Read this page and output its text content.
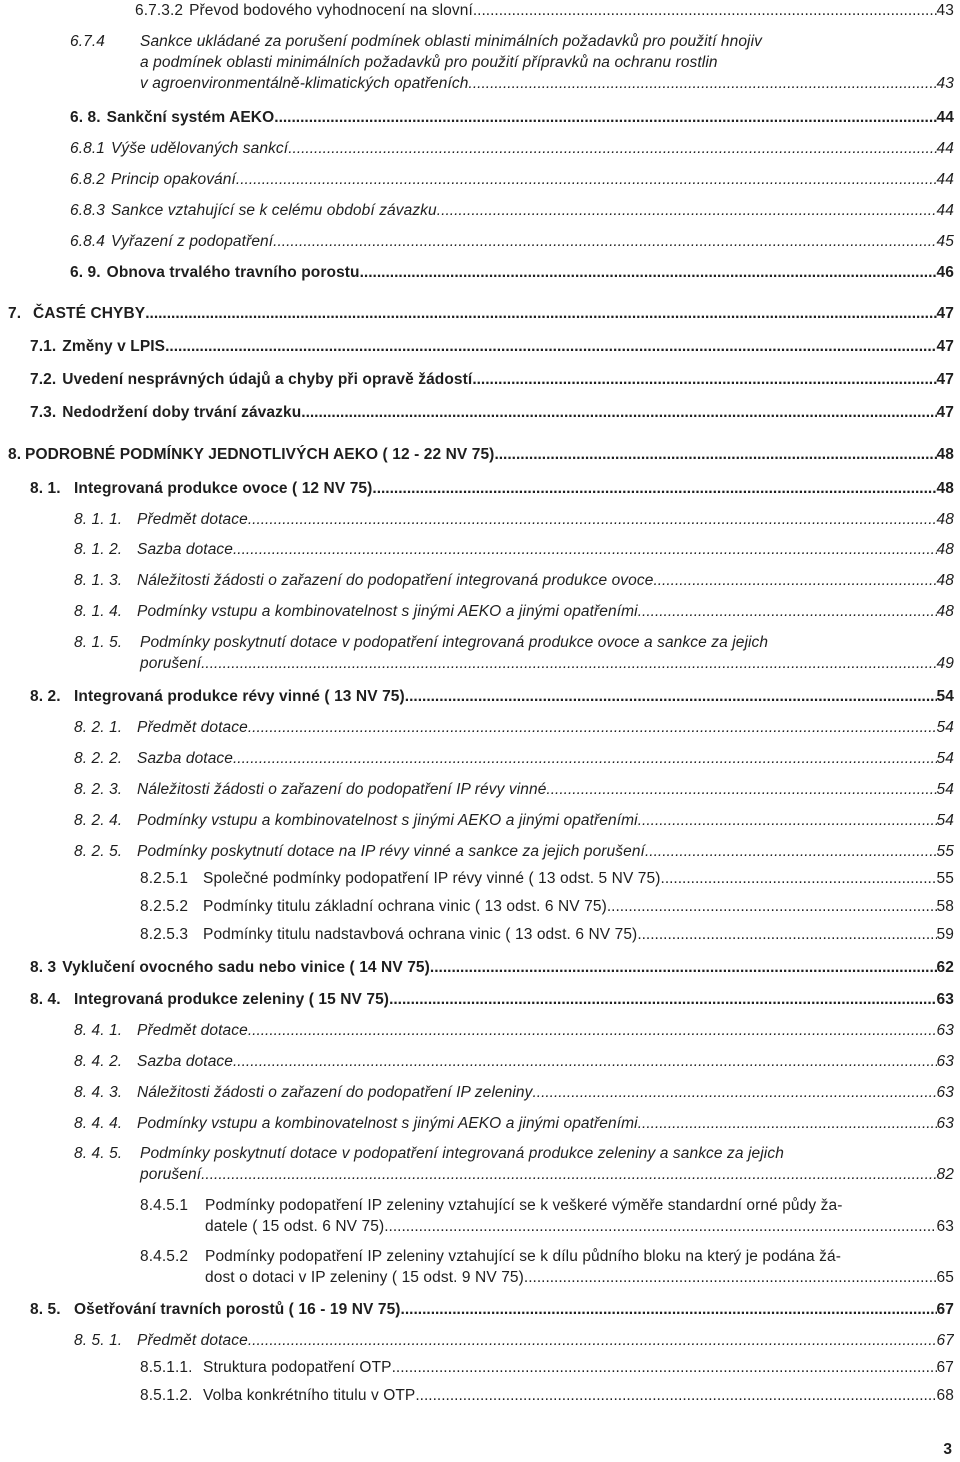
6.7.3.2 Převod bodového vyhodnocení na slovní .....	43
6.7.4 Sankce ukládané za porušení podmínek oblasti minimálních požadavků pro použití hnojiv
a podmínek oblasti minimálních požadavků pro použití přípravků na ochranu rostlin
v agroenvironmentálně-klimatických opatřeních. .....	43
6. 8. Sankční systém AEKO .....	44
6.8.1 Výše udělovaných sankcí .....	44
6.8.2 Princip opakování .....	44
6.8.3 Sankce vztahující se k celému období závazku. .....	44
6.8.4 Vyřazení z podopatření .....	45
6. 9. Obnova trvalého travního porostu .....	46
7. ČASTÉ CHYBY .....	47
7.1. Změny v LPIS .....	47
7.2. Uvedení nesprávných údajů a chyby při opravě žádostí .....	47
7.3. Nedodržení doby trvání závazku .....	47
8. PODROBNÉ PODMÍNKY JEDNOTLIVÝCH AEKO ( 12 - 22 NV 75) .....	48
8. 1. Integrovaná produkce ovoce ( 12 NV 75) .....	48
8. 1. 1. Předmět dotace .....	48
8. 1. 2. Sazba dotace .....	48
8. 1. 3. Náležitosti žádosti o zařazení do podopatření integrovaná produkce ovoce .....	48
8. 1. 4. Podmínky vstupu a kombinovatelnost s jinými AEKO a jinými opatřeními .....	48
8. 1. 5. Podmínky poskytnutí dotace v podopatření integrovaná produkce ovoce a sankce za jejich
porušení .....	49
8. 2. Integrovaná produkce révy vinné ( 13 NV 75) .....	54
8. 2. 1. Předmět dotace .....	54
8. 2. 2. Sazba dotace .....	54
8. 2. 3. Náležitosti žádosti o zařazení do podopatření IP révy vinné .....	54
8. 2. 4. Podmínky vstupu a kombinovatelnost s jinými AEKO a jinými opatřeními .....	54
8. 2. 5. Podmínky poskytnutí dotace na IP révy vinné a sankce za jejich porušení .....	55
8.2.5.1 Společné podmínky podopatření IP révy vinné ( 13 odst. 5 NV 75) .....	55
8.2.5.2 Podmínky titulu základní ochrana vinic ( 13 odst. 6 NV 75) .....	58
8.2.5.3 Podmínky titulu nadstavbová ochrana vinic ( 13 odst. 6 NV 75) .....	59
8. 3 Vyklučení ovocného sadu nebo vinice ( 14 NV 75) .....	62
8. 4. Integrovaná produkce zeleniny ( 15 NV 75) .....	63
8. 4. 1. Předmět dotace .....	63
8. 4. 2. Sazba dotace .....	63
8. 4. 3. Náležitosti žádosti o zařazení do podopatření IP zeleniny .....	63
8. 4. 4. Podmínky vstupu a kombinovatelnost s jinými AEKO a jinými opatřeními .....	63
8. 4. 5. Podmínky poskytnutí dotace v podopatření integrovaná produkce zeleniny a sankce za jejich
porušení .....	82
8.4.5.1 Podmínky podopatření IP zeleniny vztahující se k veškeré výměře standardní orné půdy ža-
datele ( 15 odst. 6 NV 75) .....	63
8.4.5.2 Podmínky podopatření IP zeleniny vztahující se k dílu půdního bloku na který je podána žá-
dost o dotaci v IP zeleniny ( 15 odst. 9 NV 75) .....	65
8. 5. Ošetřování travních porostů ( 16 - 19 NV 75) .....	67
8. 5. 1. Předmět dotace .....	67
8.5.1.1. Struktura podopatření OTP .....	67
8.5.1.2. Volba konkrétního titulu v OTP .....	68
3
